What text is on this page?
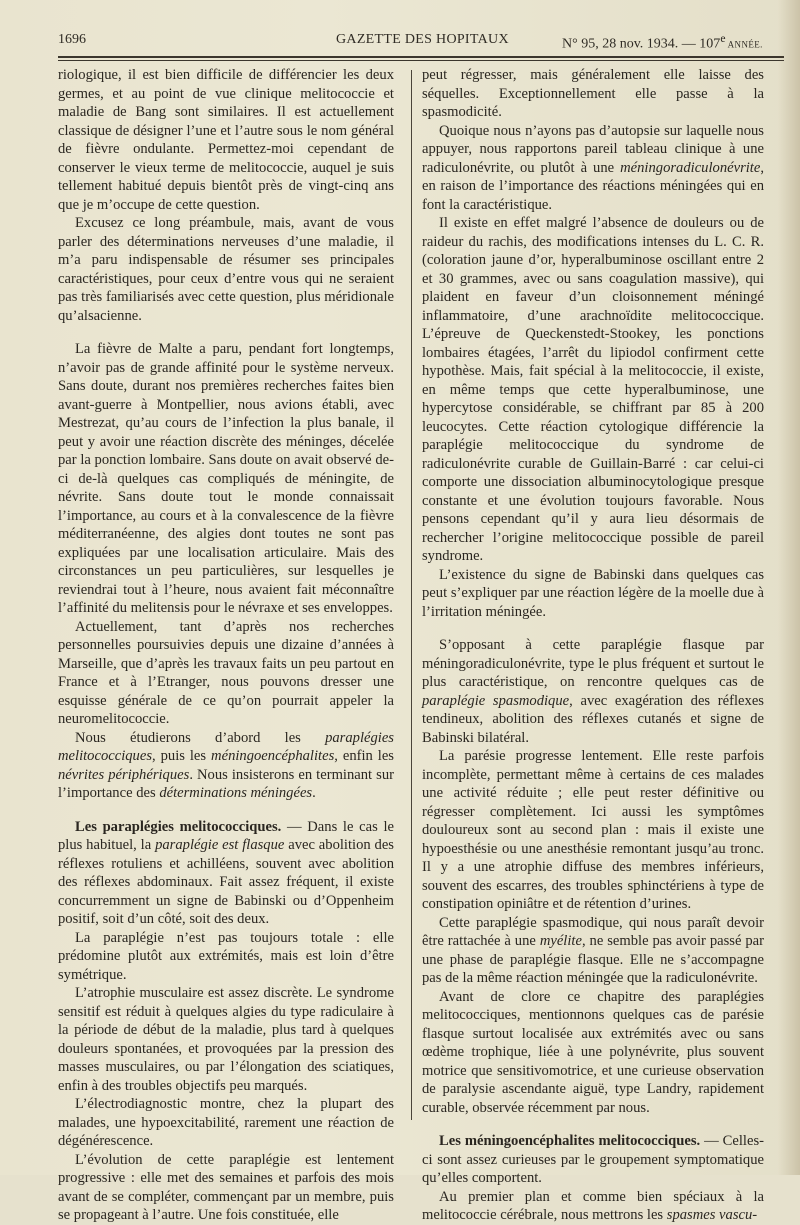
1696	GAZETTE DES HOPITAUX	N° 95, 28 nov. 1934. — 107e ANNÉE.

riologique, il est bien difficile de différencier les deux germes, et au point de vue clinique melitococcie et maladie de Bang sont similaires. Il est actuellement classique de désigner l’une et l’autre sous le nom général de fièvre ondulante. Permettez-moi cependant de conserver le vieux terme de melitococcie, auquel je suis tellement habitué depuis bientôt près de vingt-cinq ans que je m’occupe de cette question.

Excusez ce long préambule, mais, avant de vous parler des déterminations nerveuses d’une maladie, il m’a paru indispensable de résumer ses principales caractéristiques, pour ceux d’entre vous qui ne seraient pas très familiarisés avec cette question, plus méridionale qu’alsacienne.

La fièvre de Malte a paru, pendant fort longtemps, n’avoir pas de grande affinité pour le système nerveux. Sans doute, durant nos premières recherches faites bien avant-guerre à Montpellier, nous avions établi, avec Mestrezat, qu’au cours de l’infection la plus banale, il peut y avoir une réaction discrète des méninges, décelée par la ponction lombaire. Sans doute on avait observé de-ci de-là quelques cas compliqués de méningite, de névrite. Sans doute tout le monde connaissait l’importance, au cours et à la convalescence de la fièvre méditerranéenne, des algies dont toutes ne sont pas expliquées par une localisation articulaire. Mais des circonstances un peu particulières, sur lesquelles je reviendrai tout à l’heure, nous avaient fait méconnaître l’affinité du melitensis pour le névraxe et ses enveloppes.

Actuellement, tant d’après nos recherches personnelles poursuivies depuis une dizaine d’années à Marseille, que d’après les travaux faits un peu partout en France et à l’Etranger, nous pouvons dresser une esquisse générale de ce qu’on pourrait appeler la neuromelitococcie.

Nous étudierons d’abord les paraplégies melitococciques, puis les méningoencéphalites, enfin les névrites périphériques. Nous insisterons en terminant sur l’importance des déterminations méningées.

Les paraplégies melitococciques. — Dans le cas le plus habituel, la paraplégie est flasque avec abolition des réflexes rotuliens et achilléens, souvent avec abolition des réflexes abdominaux. Fait assez fréquent, il existe concurremment un signe de Babinski ou d’Oppenheim positif, soit d’un côté, soit des deux.

La paraplégie n’est pas toujours totale : elle prédomine plutôt aux extrémités, mais est loin d’être symétrique.

L’atrophie musculaire est assez discrète. Le syndrome sensitif est réduit à quelques algies du type radiculaire à la période de début de la maladie, plus tard à quelques douleurs spontanées, et provoquées par la pression des masses musculaires, ou par l’élongation des sciatiques, enfin à des troubles objectifs peu marqués.

L’électrodiagnostic montre, chez la plupart des malades, une hypoexcitabilité, rarement une réaction de dégénérescence.

L’évolution de cette paraplégie est lentement progressive : elle met des semaines et parfois des mois avant de se compléter, commençant par un membre, puis se propageant à l’autre. Une fois constituée, elle

peut régresser, mais généralement elle laisse des séquelles. Exceptionnellement elle passe à la spasmodicité.

Quoique nous n’ayons pas d’autopsie sur laquelle nous appuyer, nous rapportons pareil tableau clinique à une radiculonévrite, ou plutôt à une méningoradiculonévrite, en raison de l’importance des réactions méningées qui en font la caractéristique.

Il existe en effet malgré l’absence de douleurs ou de raideur du rachis, des modifications intenses du L. C. R. (coloration jaune d’or, hyperalbuminose oscillant entre 2 et 30 grammes, avec ou sans coagulation massive), qui plaident en faveur d’un cloisonnement méningé inflammatoire, d’une arachnoïdite melitococcique. L’épreuve de Queckenstedt-Stookey, les ponctions lombaires étagées, l’arrêt du lipiodol confirment cette hypothèse. Mais, fait spécial à la melitococcie, il existe, en même temps que cette hyperalbuminose, une hypercytose considérable, se chiffrant par 85 à 200 leucocytes. Cette réaction cytologique différencie la paraplégie melitococcique du syndrome de radiculonévrite curable de Guillain-Barré : car celui-ci comporte une dissociation albuminocytologique presque constante et une évolution toujours favorable. Nous pensons cependant qu’il y aura lieu désormais de rechercher l’origine melitococcique possible de pareil syndrome.

L’existence du signe de Babinski dans quelques cas peut s’expliquer par une réaction légère de la moelle due à l’irritation méningée.

S’opposant à cette paraplégie flasque par méningoradiculonévrite, type le plus fréquent et surtout le plus caractéristique, on rencontre quelques cas de paraplégie spasmodique, avec exagération des réflexes tendineux, abolition des réflexes cutanés et signe de Babinski bilatéral.

La parésie progresse lentement. Elle reste parfois incomplète, permettant même à certains de ces malades une activité réduite ; elle peut rester définitive ou régresser complètement. Ici aussi les symptômes douloureux sont au second plan : mais il existe une hypoesthésie ou une anesthésie remontant jusqu’au tronc. Il y a une atrophie diffuse des membres inférieurs, souvent des escarres, des troubles sphinctériens à type de constipation opiniâtre et de rétention d’urines.

Cette paraplégie spasmodique, qui nous paraît devoir être rattachée à une myélite, ne semble pas avoir passé par une phase de paraplégie flasque. Elle ne s’accompagne pas de la même réaction méningée que la radiculonévrite.

Avant de clore ce chapitre des paraplégies melitococciques, mentionnons quelques cas de parésie flasque surtout localisée aux extrémités avec ou sans œdème trophique, liée à une polynévrite, plus souvent motrice que sensitivomotrice, et une curieuse observation de paralysie ascendante aiguë, type Landry, rapidement curable, observée récemment par nous.

Les méningoencéphalites melitococciques. — Celles-ci sont assez curieuses par le groupement symptomatique qu’elles comportent.

Au premier plan et comme bien spéciaux à la melitococcie cérébrale, nous mettrons les spasmes vascu-
